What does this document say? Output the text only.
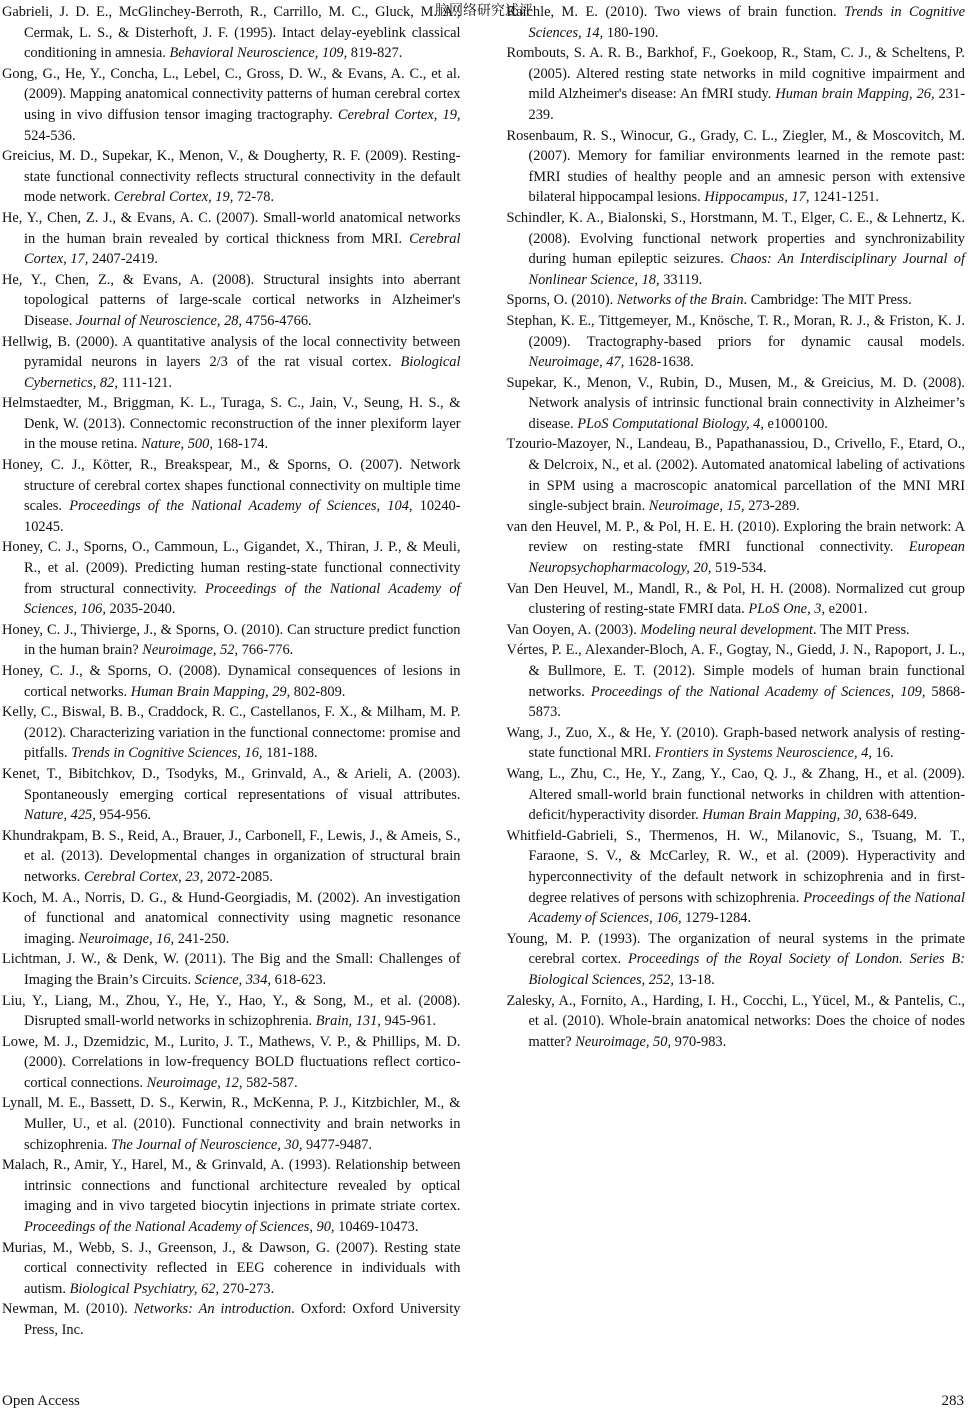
脑网络研究述评
Gabrieli, J. D. E., McGlinchey-Berroth, R., Carrillo, M. C., Gluck, M. A., Cermak, L. S., & Disterhoft, J. F. (1995). Intact delay-eyeblink classical conditioning in amnesia. Behavioral Neuroscience, 109, 819-827.
Gong, G., He, Y., Concha, L., Lebel, C., Gross, D. W., & Evans, A. C., et al. (2009). Mapping anatomical connectivity patterns of human cerebral cortex using in vivo diffusion tensor imaging tractography. Cerebral Cortex, 19, 524-536.
Greicius, M. D., Supekar, K., Menon, V., & Dougherty, R. F. (2009). Resting-state functional connectivity reflects structural connectivity in the default mode network. Cerebral Cortex, 19, 72-78.
He, Y., Chen, Z. J., & Evans, A. C. (2007). Small-world anatomical networks in the human brain revealed by cortical thickness from MRI. Cerebral Cortex, 17, 2407-2419.
He, Y., Chen, Z., & Evans, A. (2008). Structural insights into aberrant topological patterns of large-scale cortical networks in Alzheimer's Disease. Journal of Neuroscience, 28, 4756-4766.
Hellwig, B. (2000). A quantitative analysis of the local connectivity between pyramidal neurons in layers 2/3 of the rat visual cortex. Biological Cybernetics, 82, 111-121.
Helmstaedter, M., Briggman, K. L., Turaga, S. C., Jain, V., Seung, H. S., & Denk, W. (2013). Connectomic reconstruction of the inner plexiform layer in the mouse retina. Nature, 500, 168-174.
Honey, C. J., Kötter, R., Breakspear, M., & Sporns, O. (2007). Network structure of cerebral cortex shapes functional connectivity on multiple time scales. Proceedings of the National Academy of Sciences, 104, 10240-10245.
Honey, C. J., Sporns, O., Cammoun, L., Gigandet, X., Thiran, J. P., & Meuli, R., et al. (2009). Predicting human resting-state functional connectivity from structural connectivity. Proceedings of the National Academy of Sciences, 106, 2035-2040.
Honey, C. J., Thivierge, J., & Sporns, O. (2010). Can structure predict function in the human brain? Neuroimage, 52, 766-776.
Honey, C. J., & Sporns, O. (2008). Dynamical consequences of lesions in cortical networks. Human Brain Mapping, 29, 802-809.
Kelly, C., Biswal, B. B., Craddock, R. C., Castellanos, F. X., & Milham, M. P. (2012). Characterizing variation in the functional connectome: promise and pitfalls. Trends in Cognitive Sciences, 16, 181-188.
Kenet, T., Bibitchkov, D., Tsodyks, M., Grinvald, A., & Arieli, A. (2003). Spontaneously emerging cortical representations of visual attributes. Nature, 425, 954-956.
Khundrakpam, B. S., Reid, A., Brauer, J., Carbonell, F., Lewis, J., & Ameis, S., et al. (2013). Developmental changes in organization of structural brain networks. Cerebral Cortex, 23, 2072-2085.
Koch, M. A., Norris, D. G., & Hund-Georgiadis, M. (2002). An investigation of functional and anatomical connectivity using magnetic resonance imaging. Neuroimage, 16, 241-250.
Lichtman, J. W., & Denk, W. (2011). The Big and the Small: Challenges of Imaging the Brain’s Circuits. Science, 334, 618-623.
Liu, Y., Liang, M., Zhou, Y., He, Y., Hao, Y., & Song, M., et al. (2008). Disrupted small-world networks in schizophrenia. Brain, 131, 945-961.
Lowe, M. J., Dzemidzic, M., Lurito, J. T., Mathews, V. P., & Phillips, M. D. (2000). Correlations in low-frequency BOLD fluctuations reflect cortico-cortical connections. Neuroimage, 12, 582-587.
Lynall, M. E., Bassett, D. S., Kerwin, R., McKenna, P. J., Kitzbichler, M., & Muller, U., et al. (2010). Functional connectivity and brain networks in schizophrenia. The Journal of Neuroscience, 30, 9477-9487.
Malach, R., Amir, Y., Harel, M., & Grinvald, A. (1993). Relationship between intrinsic connections and functional architecture revealed by optical imaging and in vivo targeted biocytin injections in primate striate cortex. Proceedings of the National Academy of Sciences, 90, 10469-10473.
Murias, M., Webb, S. J., Greenson, J., & Dawson, G. (2007). Resting state cortical connectivity reflected in EEG coherence in individuals with autism. Biological Psychiatry, 62, 270-273.
Newman, M. (2010). Networks: An introduction. Oxford: Oxford University Press, Inc.
Raichle, M. E. (2010). Two views of brain function. Trends in Cognitive Sciences, 14, 180-190.
Rombouts, S. A. R. B., Barkhof, F., Goekoop, R., Stam, C. J., & Scheltens, P. (2005). Altered resting state networks in mild cognitive impairment and mild Alzheimer's disease: An fMRI study. Human brain Mapping, 26, 231-239.
Rosenbaum, R. S., Winocur, G., Grady, C. L., Ziegler, M., & Moscovitch, M. (2007). Memory for familiar environments learned in the remote past: fMRI studies of healthy people and an amnesic person with extensive bilateral hippocampal lesions. Hippocampus, 17, 1241-1251.
Schindler, K. A., Bialonski, S., Horstmann, M. T., Elger, C. E., & Lehnertz, K. (2008). Evolving functional network properties and synchronizability during human epileptic seizures. Chaos: An Interdisciplinary Journal of Nonlinear Science, 18, 33119.
Sporns, O. (2010). Networks of the Brain. Cambridge: The MIT Press.
Stephan, K. E., Tittgemeyer, M., Knösche, T. R., Moran, R. J., & Friston, K. J. (2009). Tractography-based priors for dynamic causal models. Neuroimage, 47, 1628-1638.
Supekar, K., Menon, V., Rubin, D., Musen, M., & Greicius, M. D. (2008). Network analysis of intrinsic functional brain connectivity in Alzheimer’s disease. PLoS Computational Biology, 4, e1000100.
Tzourio-Mazoyer, N., Landeau, B., Papathanassiou, D., Crivello, F., Etard, O., & Delcroix, N., et al. (2002). Automated anatomical labeling of activations in SPM using a macroscopic anatomical parcellation of the MNI MRI single-subject brain. Neuroimage, 15, 273-289.
van den Heuvel, M. P., & Pol, H. E. H. (2010). Exploring the brain network: A review on resting-state fMRI functional connectivity. European Neuropsychopharmacology, 20, 519-534.
Van Den Heuvel, M., Mandl, R., & Pol, H. H. (2008). Normalized cut group clustering of resting-state FMRI data. PLoS One, 3, e2001.
Van Ooyen, A. (2003). Modeling neural development. The MIT Press.
Vértes, P. E., Alexander-Bloch, A. F., Gogtay, N., Giedd, J. N., Rapoport, J. L., & Bullmore, E. T. (2012). Simple models of human brain functional networks. Proceedings of the National Academy of Sciences, 109, 5868-5873.
Wang, J., Zuo, X., & He, Y. (2010). Graph-based network analysis of resting-state functional MRI. Frontiers in Systems Neuroscience, 4, 16.
Wang, L., Zhu, C., He, Y., Zang, Y., Cao, Q. J., & Zhang, H., et al. (2009). Altered small-world brain functional networks in children with attention-deficit/hyperactivity disorder. Human Brain Mapping, 30, 638-649.
Whitfield-Gabrieli, S., Thermenos, H. W., Milanovic, S., Tsuang, M. T., Faraone, S. V., & McCarley, R. W., et al. (2009). Hyperactivity and hyperconnectivity of the default network in schizophrenia and in first-degree relatives of persons with schizophrenia. Proceedings of the National Academy of Sciences, 106, 1279-1284.
Young, M. P. (1993). The organization of neural systems in the primate cerebral cortex. Proceedings of the Royal Society of London. Series B: Biological Sciences, 252, 13-18.
Zalesky, A., Fornito, A., Harding, I. H., Cocchi, L., Yücel, M., & Pantelis, C., et al. (2010). Whole-brain anatomical networks: Does the choice of nodes matter? Neuroimage, 50, 970-983.
Open Access	283
